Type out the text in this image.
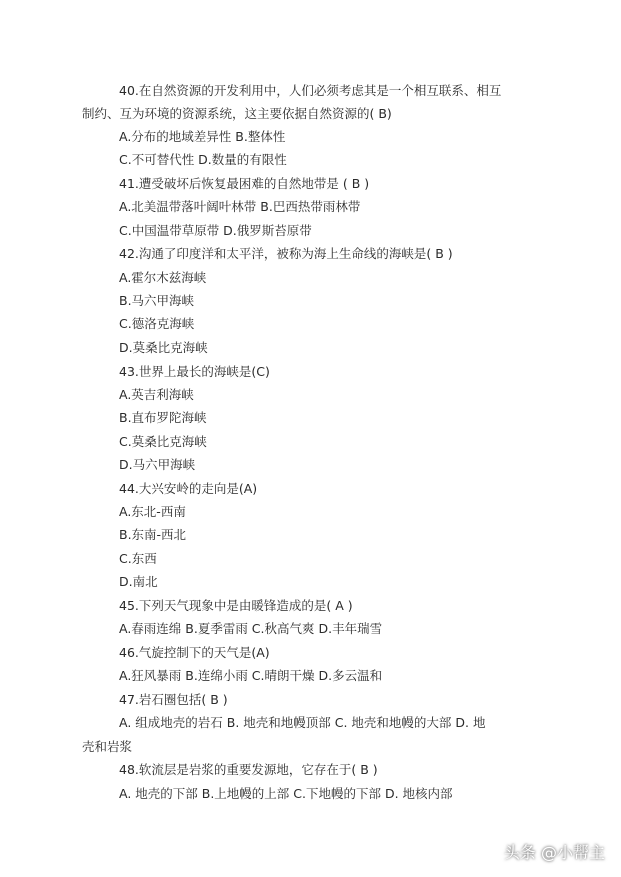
40.在自然资源的开发利用中，人们必须考虑其是一个相互联系、相互
制约、互为环境的资源系统，这主要依据自然资源的( B)
A.分布的地域差异性 B.整体性
C.不可替代性 D.数量的有限性
41.遭受破坏后恢复最困难的自然地带是 ( B )
A.北美温带落叶阔叶林带 B.巴西热带雨林带
C.中国温带草原带 D.俄罗斯苔原带
42.沟通了印度洋和太平洋，被称为海上生命线的海峡是( B )
A.霍尔木兹海峡
B.马六甲海峡
C.德洛克海峡
D.莫桑比克海峡
43.世界上最长的海峡是(C)
A.英吉利海峡
B.直布罗陀海峡
C.莫桑比克海峡
D.马六甲海峡
44.大兴安岭的走向是(A)
A.东北-西南
B.东南-西北
C.东西
D.南北
45.下列天气现象中是由暖锋造成的是( A )
A.春雨连绵 B.夏季雷雨 C.秋高气爽 D.丰年瑞雪
46.气旋控制下的天气是(A)
A.狂风暴雨 B.连绵小雨 C.晴朗干燥 D.多云温和
47.岩石圈包括( B )
A. 组成地壳的岩石 B. 地壳和地幔顶部 C. 地壳和地幔的大部 D. 地
壳和岩浆
48.软流层是岩浆的重要发源地，它存在于( B )
A. 地壳的下部 B.上地幔的上部 C.下地幔的下部 D. 地核内部
头条 @小帮主
